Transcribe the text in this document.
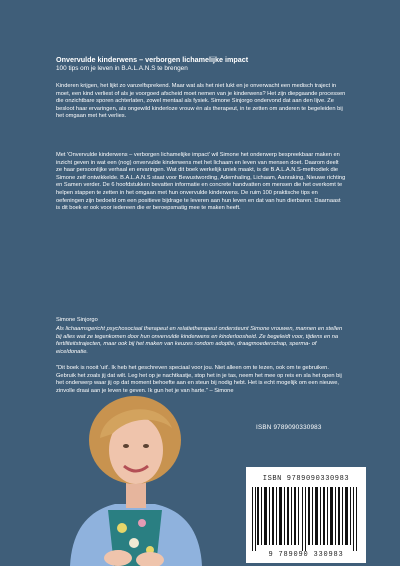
Onvervulde kinderwens – verborgen lichamelijke impact
100 tips om je leven in B.A.L.A.N.S te brengen
Kinderen krijgen, het lijkt zo vanzelfsprekend. Maar wat als het niet lukt en je onverwacht een medisch traject in moet, een kind verliest of als je voorgoed afscheid moet nemen van je kinderwens? Het zijn diepgaande processen die onzichtbare sporen achterlaten, zowel mentaal als fysiek. Simone Sinjorgo ondervond dat aan den lijve. Ze besloot haar ervaringen, als ongewild kinderloze vrouw én als therapeut, in te zetten om anderen te begeleiden bij het omgaan met het verlies.
Met 'Onvervulde kinderwens – verborgen lichamelijke impact' wil Simone het onderwerp bespreekbaar maken en inzicht geven in wat een (nog) onvervulde kinderwens met het lichaam en leven van mensen doet. Daarom deelt ze haar persoonlijke verhaal en ervaringen. Wat dit boek werkelijk uniek maakt, is de B.A.L.A.N.S-methodiek die Simone zelf ontwikkelde. B.A.L.A.N.S staat voor Bewustwording, Ademhaling, Lichaam, Aanraking, Nieuwe richting en Samen verder. De 6 hoofdstukken bevatten informatie en concrete handvatten om mensen die het overkomt te helpen stappen te zetten in het omgaan met hun onvervulde kinderwens. De ruim 100 praktische tips en oefeningen zijn bedoeld om een positieve bijdrage te leveren aan hun leven en dat van hun dierbaren. Daarnaast is dit boek er ook voor iedereen die er beroepsmatig mee te maken heeft.
Simone Sinjorgo
Als lichaamsgericht psychosociaal therapeut en relatietherapeut ondersteunt Simone vrouwen, mannen en stellen bij alles wat ze tegenkomen door hun onvervulde kinderwens en kinderloosheid. Ze begeleidt voor, tijdens en na fertiliteitstrajecten, maar ook bij het maken van keuzes rondom adoptie, draagmoederschap, sperma- of eiceldonatie.
"Dit boek is nooit 'uit'. Ik heb het geschreven speciaal voor jou. Niet alleen om te lezen, ook om te gebruiken. Gebruik het zoals jij dat wilt. Leg het op je nachtkastje, stop het in je tas, neem het mee op reis en sla het open bij het onderwerp waar jij op dat moment behoefte aan en steun bij nodig hebt. Het is echt mogelijk om een nieuwe, zinvolle draai aan je leven te geven. Ik gun het je van harte." – Simone
ISBN 9789090330983
ISBN 9789090330983
9 789090 330983
